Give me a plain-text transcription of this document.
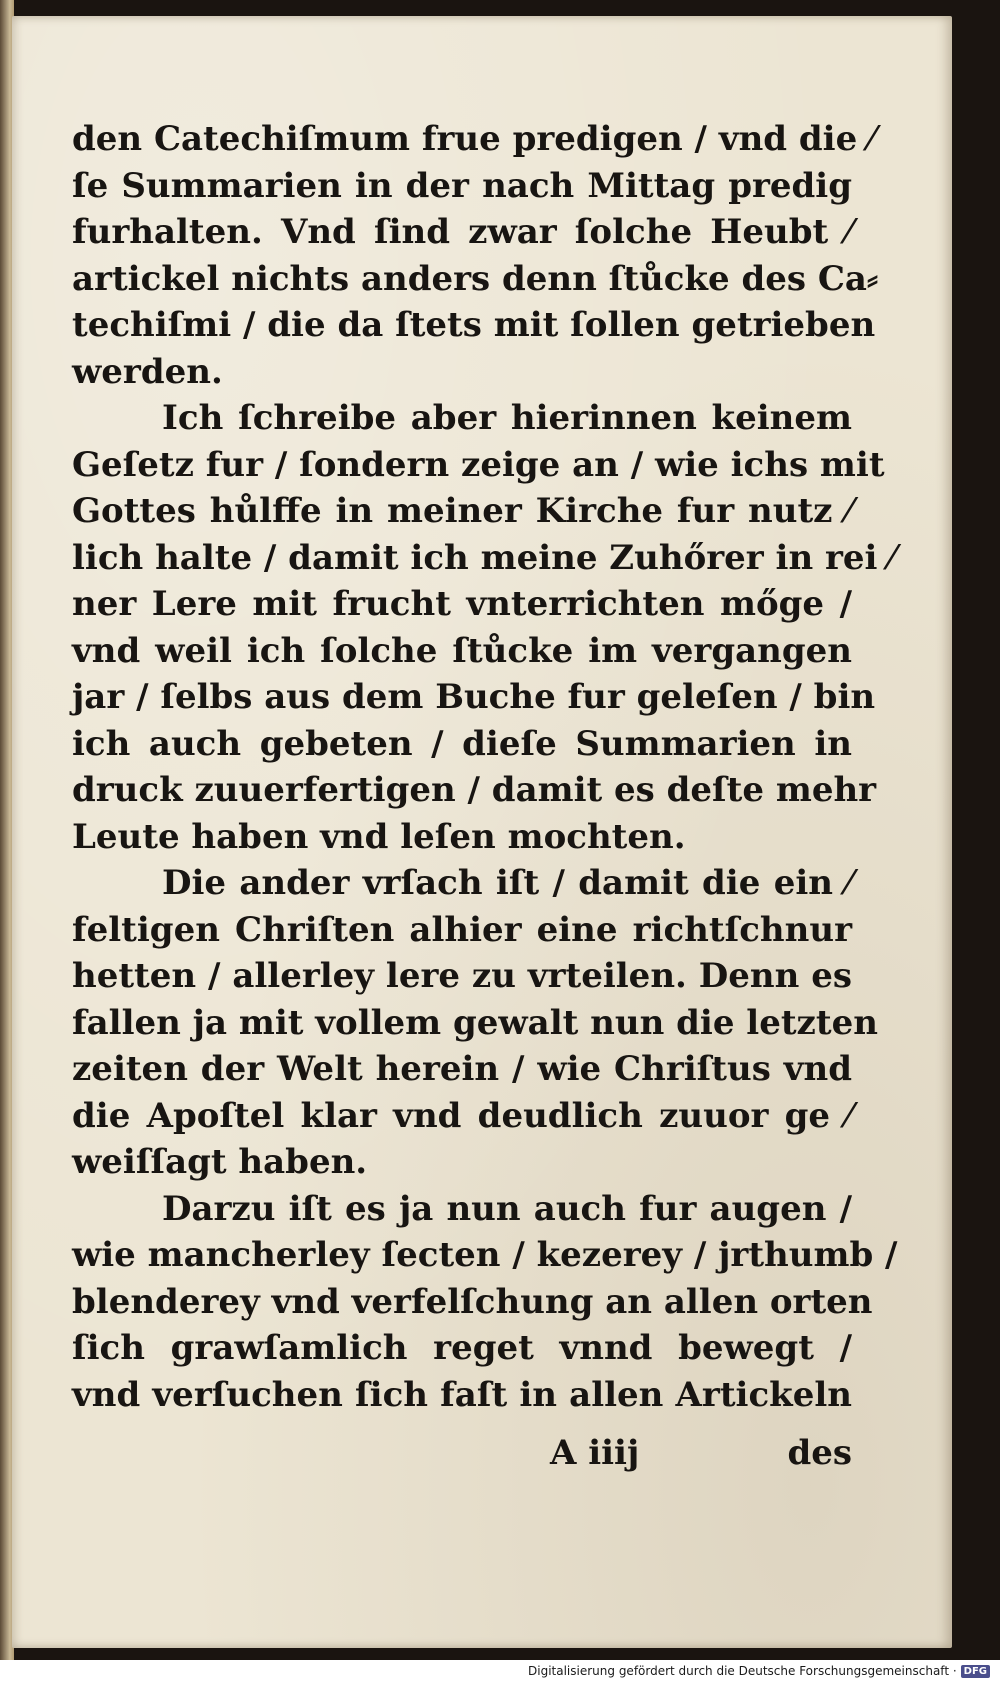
den Catechiſmum frue predigen / vnd die ⁄
ſe Summarien in der nach Mittag predig
furhalten. Vnd ſind zwar ſolche Heubt ⁄
artickel nichts anders denn ſtůcke des Ca⸗
techiſmi / die da ſtets mit ſollen getrieben
werden.
Ich ſchreibe aber hierinnen keinem
Geſetz fur / ſondern zeige an / wie ichs mit
Gottes hůlffe in meiner Kirche fur nutz ⁄
lich halte / damit ich meine Zuhőrer in rei ⁄
ner Lere mit frucht vnterrichten mőge /
vnd weil ich ſolche ſtůcke im vergangen
jar / ſelbs aus dem Buche fur geleſen / bin
ich auch gebeten / dieſe Summarien in
druck zuuerfertigen / damit es deſte mehr
Leute haben vnd leſen mochten.
Die ander vrſach iſt / damit die ein ⁄
feltigen Chriſten alhier eine richtſchnur
hetten / allerley lere zu vrteilen. Denn es
fallen ja mit vollem gewalt nun die letzten
zeiten der Welt herein / wie Chriſtus vnd
die Apoſtel klar vnd deudlich zuuor ge ⁄
weiſſagt haben.
Darzu iſt es ja nun auch fur augen /
wie mancherley ſecten / kezerey / jrthumb /
blenderey vnd verfelſchung an allen orten
ſich grawſamlich reget vnnd bewegt /
vnd verſuchen ſich faſt in allen Artickeln
A iiij	des
Digitalisierung gefördert durch die Deutsche Forschungsgemeinschaft · DFG
